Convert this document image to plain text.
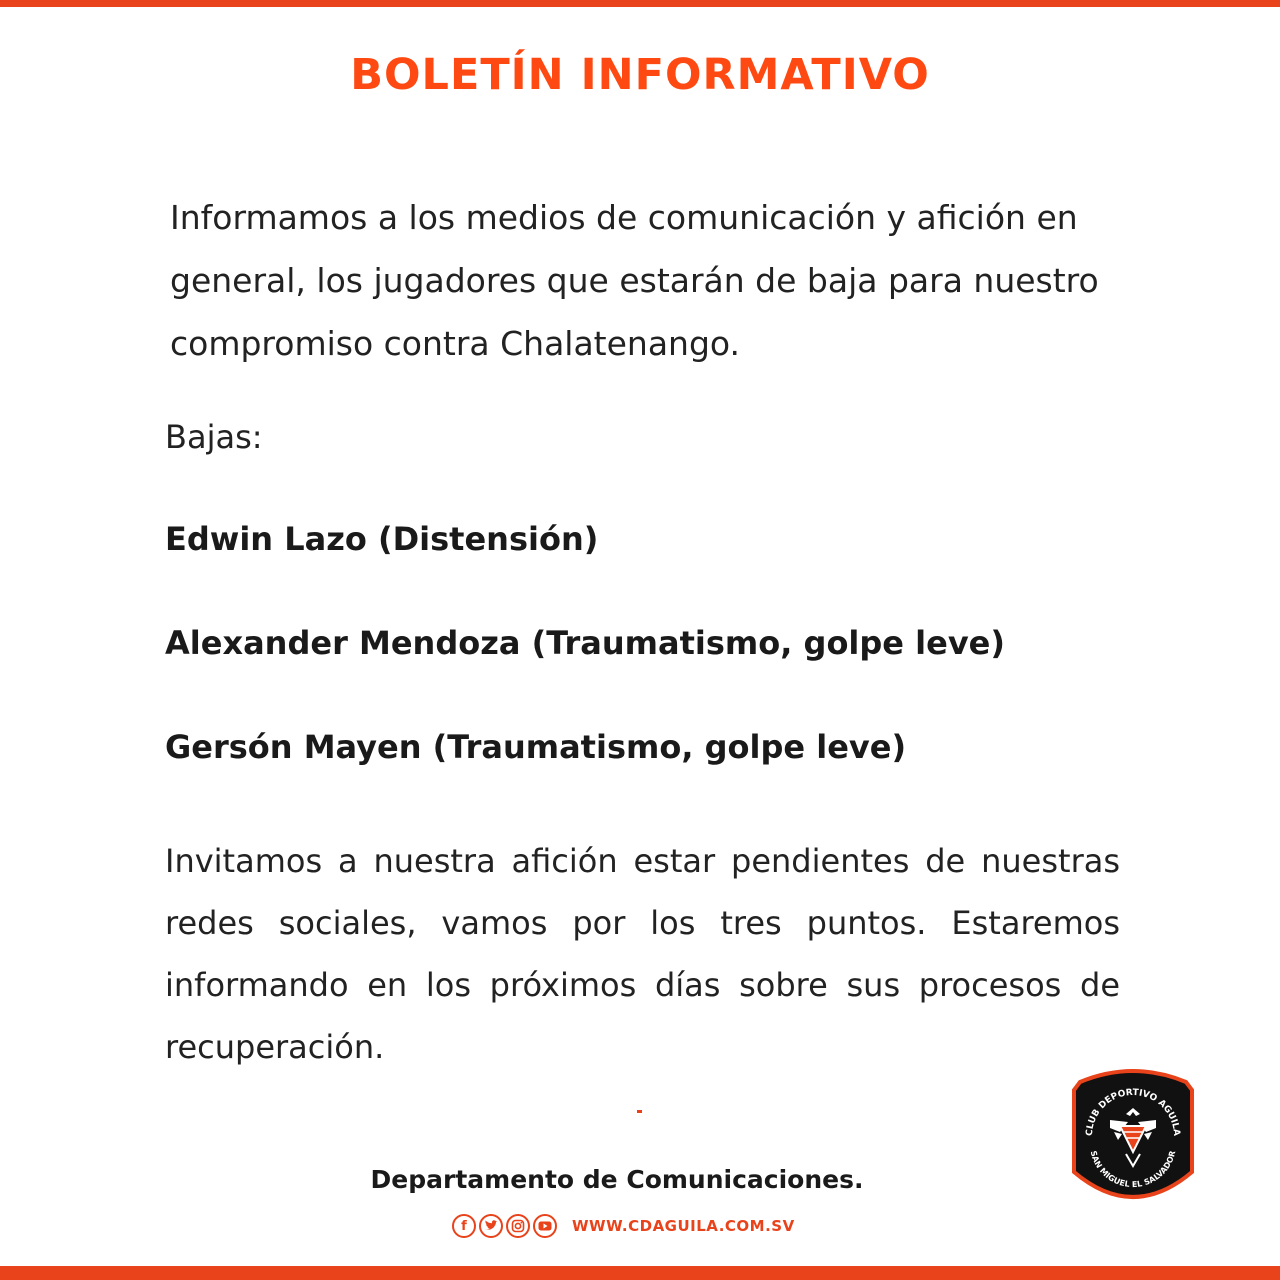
BOLETÍN INFORMATIVO

Informamos a los medios de comunicación y afición en general, los jugadores que estarán de baja para nuestro compromiso contra Chalatenango.

Bajas:

Edwin Lazo (Distensión)

Alexander Mendoza (Traumatismo, golpe leve)

Gersón Mayen (Traumatismo, golpe leve)

Invitamos a nuestra afición estar pendientes de nuestras redes sociales, vamos por los tres puntos. Estaremos informando en los próximos días sobre sus procesos de recuperación.

CLUB DEPORTIVO AGUILA
SAN MIGUEL EL SALVADOR

Departamento de Comunicaciones.

f	WWW.CDAGUILA.COM.SV
